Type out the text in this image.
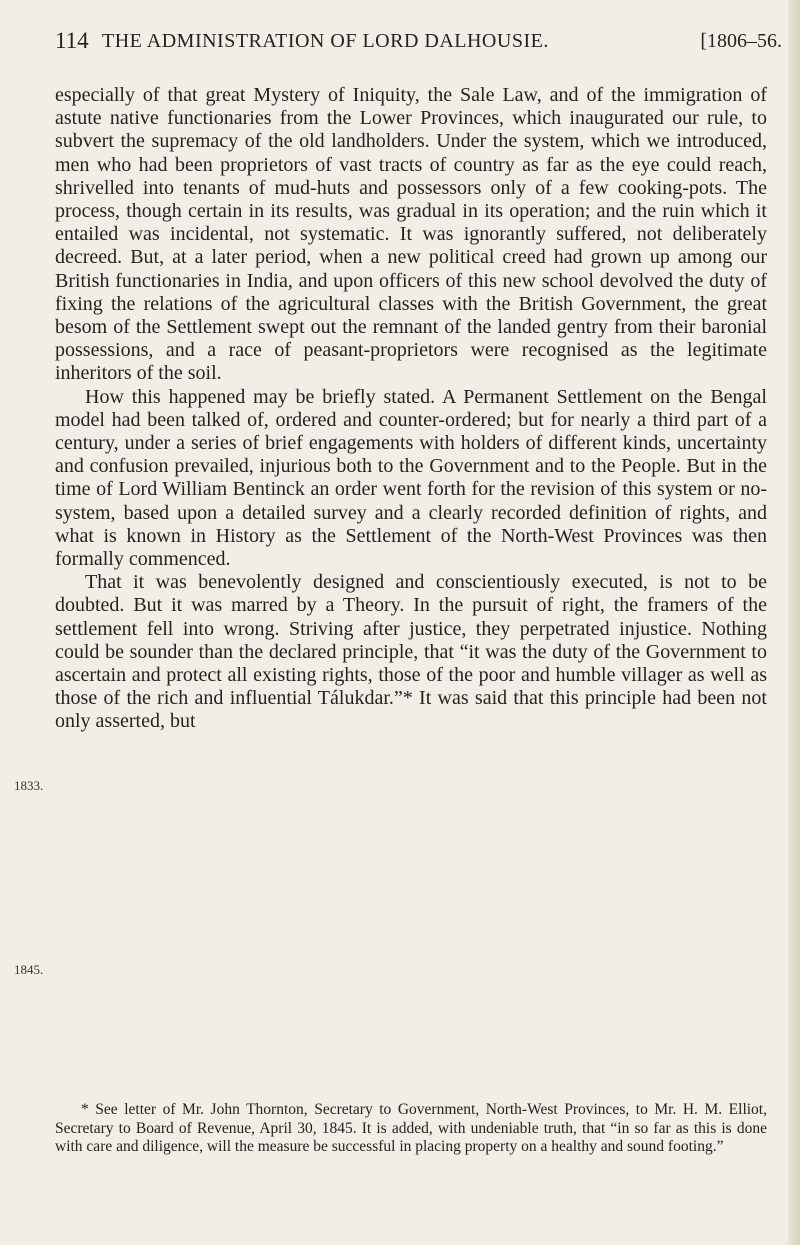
114 THE ADMINISTRATION OF LORD DALHOUSIE.	[1806–56.

especially of that great Mystery of Iniquity, the Sale Law, and of the immigration of astute native functionaries from the Lower Provinces, which inaugurated our rule, to subvert the supremacy of the old landholders. Under the system, which we introduced, men who had been proprietors of vast tracts of country as far as the eye could reach, shrivelled into tenants of mud-huts and possessors only of a few cooking-pots. The process, though certain in its results, was gradual in its operation; and the ruin which it entailed was incidental, not systematic. It was ignorantly suffered, not deliberately decreed. But, at a later period, when a new political creed had grown up among our British functionaries in India, and upon officers of this new school devolved the duty of fixing the relations of the agricultural classes with the British Government, the great besom of the Settlement swept out the remnant of the landed gentry from their baronial possessions, and a race of peasant-proprietors were recognised as the legitimate inheritors of the soil.

How this happened may be briefly stated. A Permanent Settlement on the Bengal model had been talked of, ordered and counter-ordered; but for nearly a third part of a century, under a series of brief engagements with holders of different kinds, uncertainty and confusion prevailed, injurious both to the Government and to the People. But in the time of Lord William Bentinck an order went forth for the revision of this system or no-system, based upon a detailed survey and a clearly recorded definition of rights, and what is known in History as the Settlement of the North-West Provinces was then formally commenced.

That it was benevolently designed and conscientiously executed, is not to be doubted. But it was marred by a Theory. In the pursuit of right, the framers of the settlement fell into wrong. Striving after justice, they perpetrated injustice. Nothing could be sounder than the declared principle, that “it was the duty of the Government to ascertain and protect all existing rights, those of the poor and humble villager as well as those of the rich and influential Tálukdar.”* It was said that this principle had been not only asserted, but

1833.
1845.
* See letter of Mr. John Thornton, Secretary to Government, North-West Provinces, to Mr. H. M. Elliot, Secretary to Board of Revenue, April 30, 1845. It is added, with undeniable truth, that “in so far as this is done with care and diligence, will the measure be successful in placing property on a healthy and sound footing.”
